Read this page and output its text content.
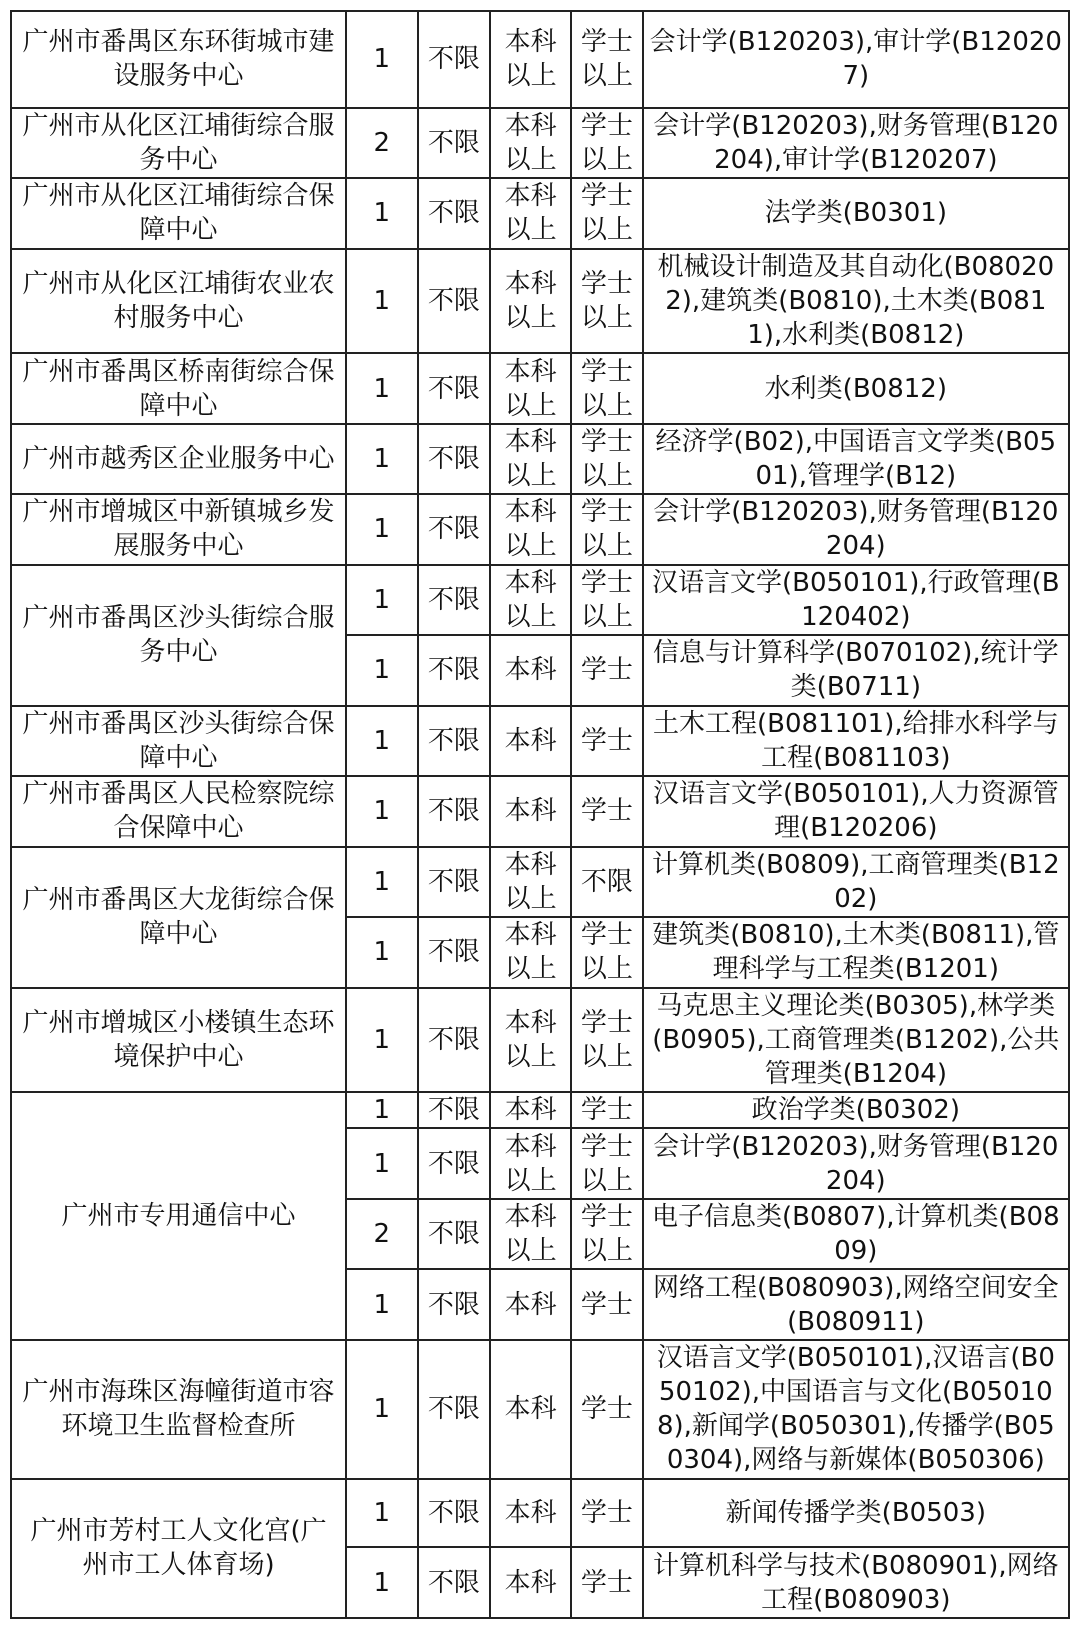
广州市番禺区东环街城市建设服务中心	1	不限	本科以上	学士以上	会计学(B120203),审计学(B120207)
广州市从化区江埔街综合服务中心	2	不限	本科以上	学士以上	会计学(B120203),财务管理(B120204),审计学(B120207)
广州市从化区江埔街综合保障中心	1	不限	本科以上	学士以上	法学类(B0301)
广州市从化区江埔街农业农村服务中心	1	不限	本科以上	学士以上	机械设计制造及其自动化(B080202),建筑类(B0810),土木类(B0811),水利类(B0812)
广州市番禺区桥南街综合保障中心	1	不限	本科以上	学士以上	水利类(B0812)
广州市越秀区企业服务中心	1	不限	本科以上	学士以上	经济学(B02),中国语言文学类(B0501),管理学(B12)
广州市增城区中新镇城乡发展服务中心	1	不限	本科以上	学士以上	会计学(B120203),财务管理(B120204)
广州市番禺区沙头街综合服务中心	1	不限	本科以上	学士以上	汉语言文学(B050101),行政管理(B120402)
	1	不限	本科	学士	信息与计算科学(B070102),统计学类(B0711)
广州市番禺区沙头街综合保障中心	1	不限	本科	学士	土木工程(B081101),给排水科学与工程(B081103)
广州市番禺区人民检察院综合保障中心	1	不限	本科	学士	汉语言文学(B050101),人力资源管理(B120206)
广州市番禺区大龙街综合保障中心	1	不限	本科以上	不限	计算机类(B0809),工商管理类(B1202)
	1	不限	本科以上	学士以上	建筑类(B0810),土木类(B0811),管理科学与工程类(B1201)
广州市增城区小楼镇生态环境保护中心	1	不限	本科以上	学士以上	马克思主义理论类(B0305),林学类(B0905),工商管理类(B1202),公共管理类(B1204)
广州市专用通信中心	1	不限	本科	学士	政治学类(B0302)
	1	不限	本科以上	学士以上	会计学(B120203),财务管理(B120204)
	2	不限	本科以上	学士以上	电子信息类(B0807),计算机类(B0809)
	1	不限	本科	学士	网络工程(B080903),网络空间安全(B080911)
广州市海珠区海幢街道市容环境卫生监督检查所	1	不限	本科	学士	汉语言文学(B050101),汉语言(B050102),中国语言与文化(B050108),新闻学(B050301),传播学(B050304),网络与新媒体(B050306)
广州市芳村工人文化宫(广州市工人体育场)	1	不限	本科	学士	新闻传播学类(B0503)
	1	不限	本科	学士	计算机科学与技术(B080901),网络工程(B080903)
